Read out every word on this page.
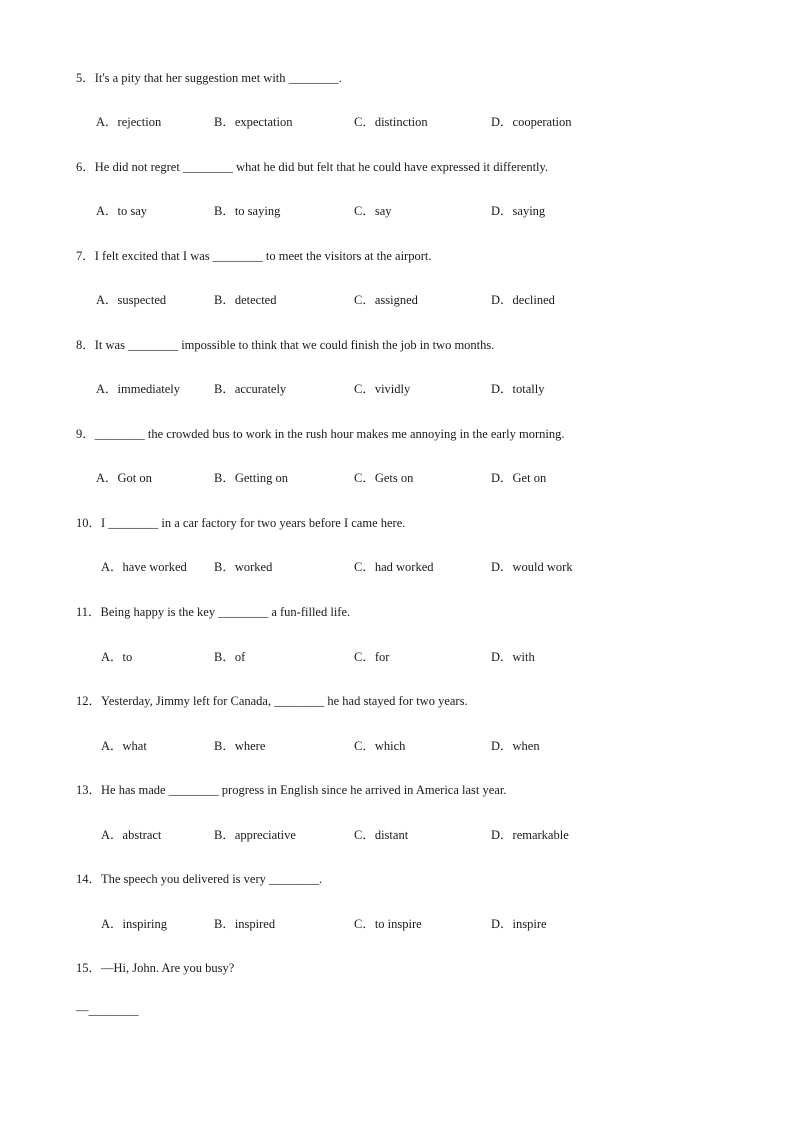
5．It's a pity that her suggestion met with ________.
A．rejection	B．expectation	C．distinction	D．cooperation
6．He did not regret ________ what he did but felt that he could have expressed it differently.
A．to say	B．to saying	C．say	D．saying
7．I felt excited that I was ________ to meet the visitors at the airport.
A．suspected	B．detected	C．assigned	D．declined
8．It was ________ impossible to think that we could finish the job in two months.
A．immediately	B．accurately	C．vividly	D．totally
9．________ the crowded bus to work in the rush hour makes me annoying in the early morning.
A．Got on	B．Getting on	C．Gets on	D．Get on
10．I ________ in a car factory for two years before I came here.
A．have worked B．worked	C．had worked	D．would work
11．Being happy is the key ________ a fun-filled life.
A．to	B．of	C．for	D．with
12．Yesterday, Jimmy left for Canada, ________ he had stayed for two years.
A．what	B．where	C．which	D．when
13．He has made ________ progress in English since he arrived in America last year.
A．abstract	B．appreciative	C．distant	D．remarkable
14．The speech you delivered is very ________.
A．inspiring	B．inspired	C．to inspire	D．inspire
15．—Hi, John. Are you busy?
—________
